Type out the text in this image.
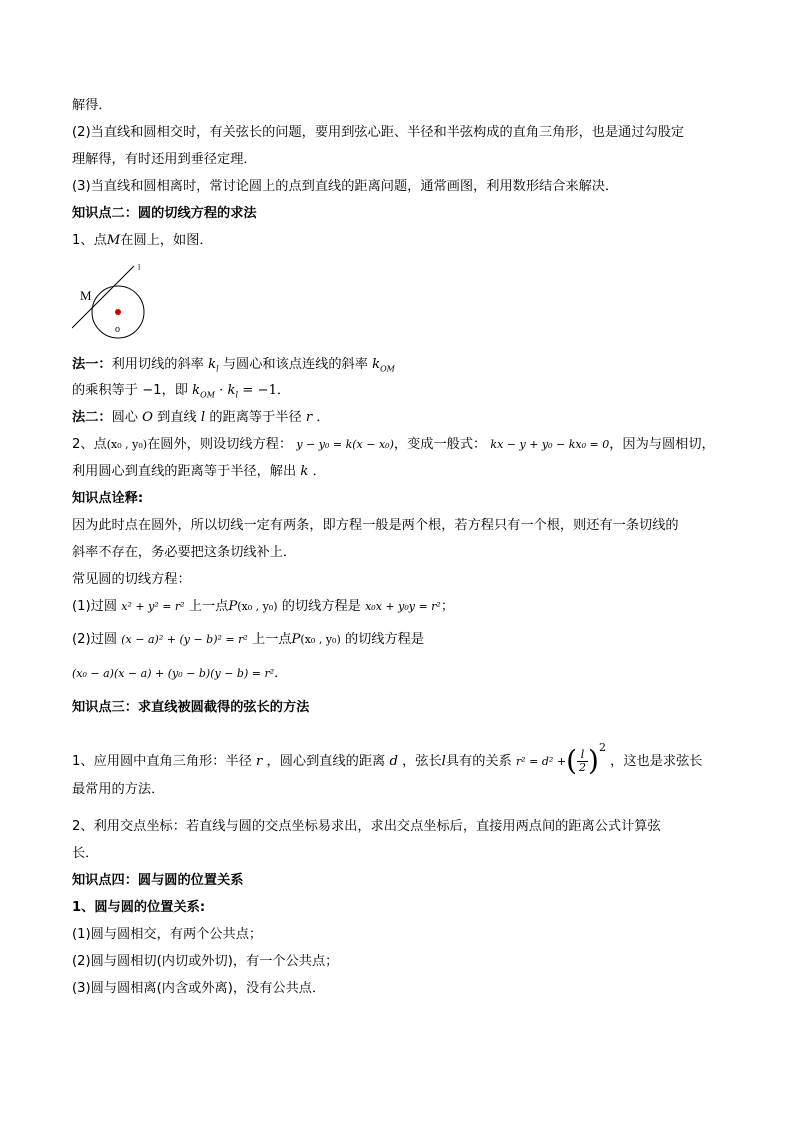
解得．
(2)当直线和圆相交时，有关弦长的问题，要用到弦心距、半径和半弦构成的直角三角形，也是通过勾股定
理解得，有时还用到垂径定理．
(3)当直线和圆相离时，常讨论圆上的点到直线的距离问题，通常画图，利用数形结合来解决．
知识点二：圆的切线方程的求法
1、点M在圆上，如图．
l
M
o
法一：利用切线的斜率 $k_l$ 与圆心和该点连线的斜率 $k_{OM}$
的乘积等于 −1，即 $k_{OM} \cdot k_l = -1$．
法二：圆心 O 到直线 l 的距离等于半径 r ．
2、点(x₀ , y₀)在圆外，则设切线方程： y − y₀ = k(x − x₀)，变成一般式： kx − y + y₀ − kx₀ = 0，因为与圆相切，
利用圆心到直线的距离等于半径，解出 k ．
知识点诠释:
因为此时点在圆外，所以切线一定有两条，即方程一般是两个根，若方程只有一个根，则还有一条切线的
斜率不存在，务必要把这条切线补上．
常见圆的切线方程：
(1)过圆 x² + y² = r² 上一点P(x₀ , y₀) 的切线方程是 x₀x + y₀y = r²；
(2)过圆 (x − a)² + (y − b)² = r² 上一点P(x₀ , y₀) 的切线方程是
(x₀ − a)(x − a) + (y₀ − b)(y − b) = r²．
知识点三：求直线被圆截得的弦长的方法
1、应用圆中直角三角形：半径 r ，圆心到直线的距离 d ，弦长l具有的关系 r² = d² +( $\frac{l}{2} )^2$ ，这也是求弦长
最常用的方法．
2、利用交点坐标：若直线与圆的交点坐标易求出，求出交点坐标后，直接用两点间的距离公式计算弦
长．
知识点四：圆与圆的位置关系
1、圆与圆的位置关系:
(1)圆与圆相交，有两个公共点；
(2)圆与圆相切(内切或外切)，有一个公共点；
(3)圆与圆相离(内含或外离)，没有公共点．
